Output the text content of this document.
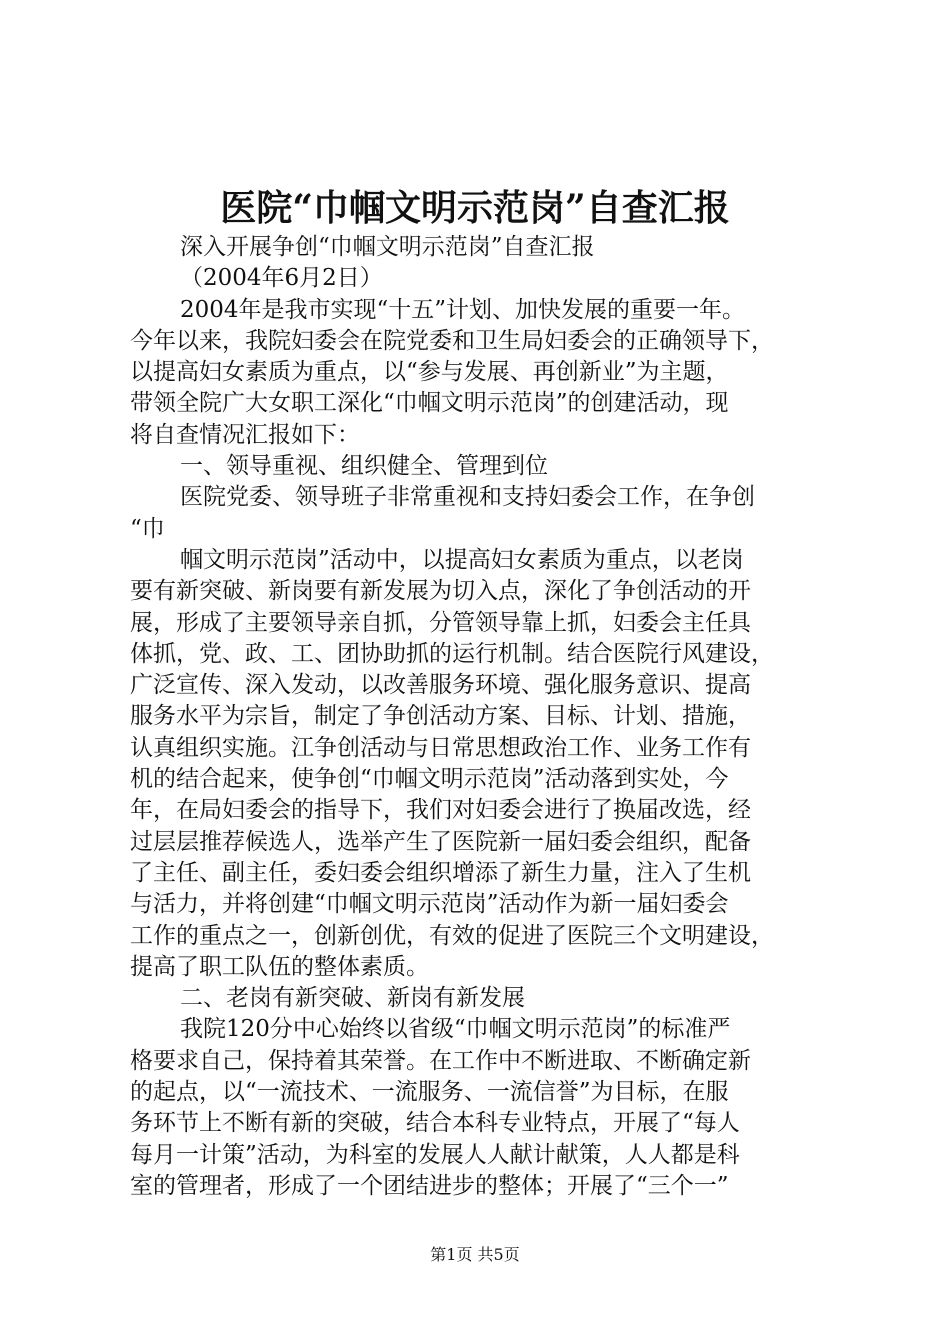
医院“巾帼文明示范岗”自查汇报
深入开展争创“巾帼文明示范岗”自查汇报
（2004年6月2日）
2004年是我市实现“十五”计划、加快发展的重要一年。
今年以来，我院妇委会在院党委和卫生局妇委会的正确领导下，
以提高妇女素质为重点，以“参与发展、再创新业”为主题，
带领全院广大女职工深化“巾帼文明示范岗”的创建活动，现
将自查情况汇报如下：
一、领导重视、组织健全、管理到位
医院党委、领导班子非常重视和支持妇委会工作，在争创
“巾
帼文明示范岗”活动中，以提高妇女素质为重点，以老岗
要有新突破、新岗要有新发展为切入点，深化了争创活动的开
展，形成了主要领导亲自抓，分管领导靠上抓，妇委会主任具
体抓，党、政、工、团协助抓的运行机制。结合医院行风建设，
广泛宣传、深入发动，以改善服务环境、强化服务意识、提高
服务水平为宗旨，制定了争创活动方案、目标、计划、措施，
认真组织实施。江争创活动与日常思想政治工作、业务工作有
机的结合起来，使争创“巾帼文明示范岗”活动落到实处，今
年，在局妇委会的指导下，我们对妇委会进行了换届改选，经
过层层推荐候选人，选举产生了医院新一届妇委会组织，配备
了主任、副主任，委妇委会组织增添了新生力量，注入了生机
与活力，并将创建“巾帼文明示范岗”活动作为新一届妇委会
工作的重点之一，创新创优，有效的促进了医院三个文明建设，
提高了职工队伍的整体素质。
二、老岗有新突破、新岗有新发展
我院120分中心始终以省级“巾帼文明示范岗”的标准严
格要求自己，保持着其荣誉。在工作中不断进取、不断确定新
的起点，以“一流技术、一流服务、一流信誉”为目标，在服
务环节上不断有新的突破，结合本科专业特点，开展了“每人
每月一计策”活动，为科室的发展人人献计献策，人人都是科
室的管理者，形成了一个团结进步的整体；开展了“三个一”
第1页 共5页
